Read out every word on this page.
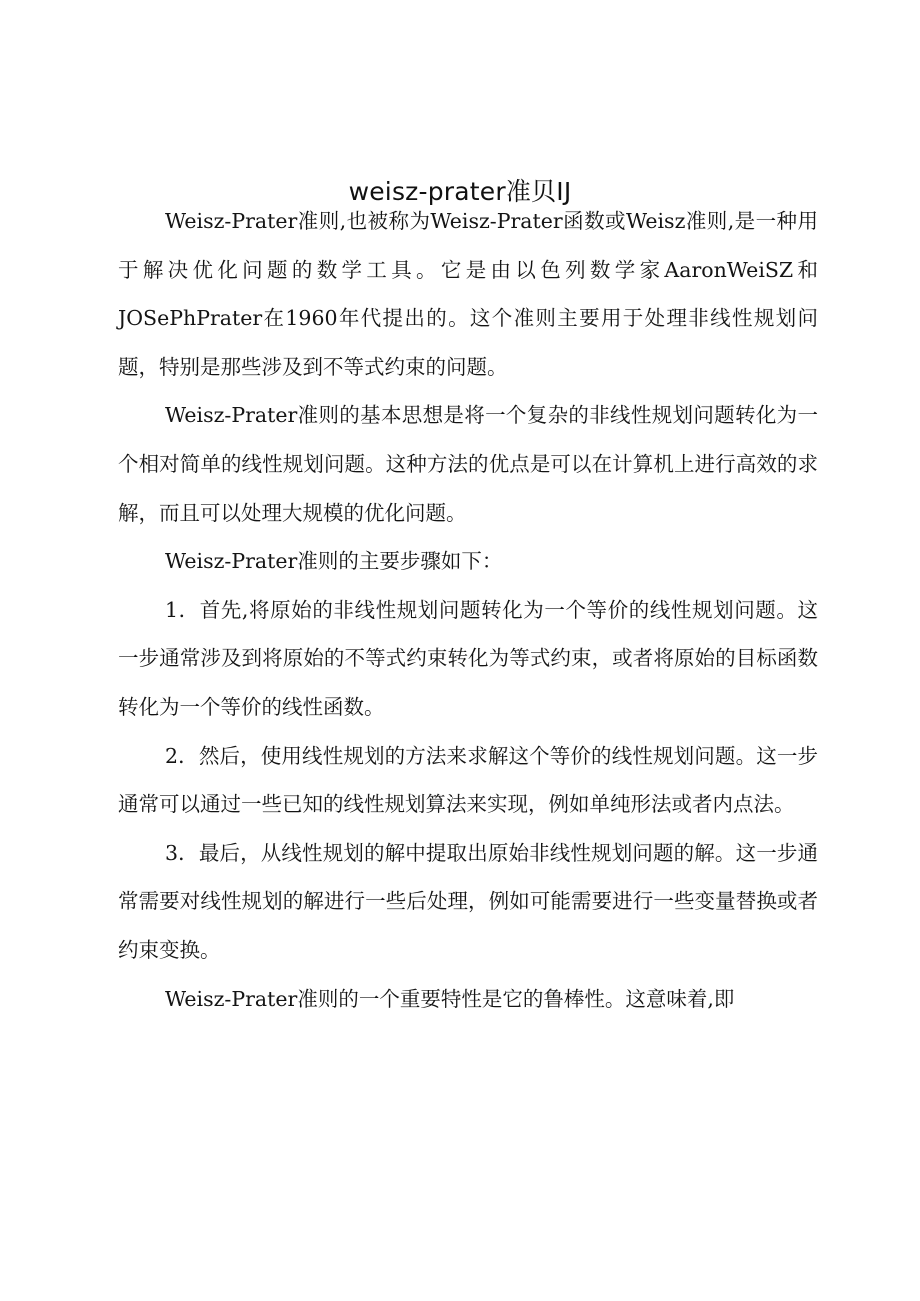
weisz-prater准贝IJ

Weisz-Prater准则,也被称为Weisz-Prater函数或Weisz准则,是一种用于解决优化问题的数学工具。它是由以色列数学家AaronWeiSZ和JOSePhPrater在1960年代提出的。这个准则主要用于处理非线性规划问题，特别是那些涉及到不等式约束的问题。

Weisz-Prater准则的基本思想是将一个复杂的非线性规划问题转化为一个相对简单的线性规划问题。这种方法的优点是可以在计算机上进行高效的求解，而且可以处理大规模的优化问题。

Weisz-Prater准则的主要步骤如下：

1．首先,将原始的非线性规划问题转化为一个等价的线性规划问题。这一步通常涉及到将原始的不等式约束转化为等式约束，或者将原始的目标函数转化为一个等价的线性函数。

2．然后，使用线性规划的方法来求解这个等价的线性规划问题。这一步通常可以通过一些已知的线性规划算法来实现，例如单纯形法或者内点法。

3．最后，从线性规划的解中提取出原始非线性规划问题的解。这一步通常需要对线性规划的解进行一些后处理，例如可能需要进行一些变量替换或者约束变换。

Weisz-Prater准则的一个重要特性是它的鲁棒性。这意味着,即
